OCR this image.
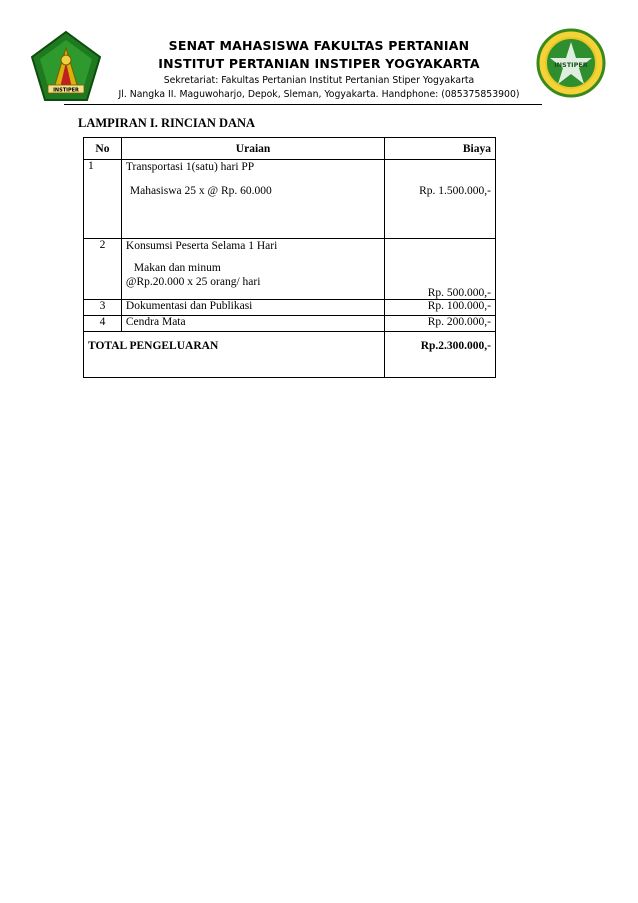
INSTIPER
INSTIPER
SENAT MAHASISWA FAKULTAS PERTANIAN
INSTITUT PERTANIAN INSTIPER YOGYAKARTA
Sekretariat: Fakultas Pertanian Institut Pertanian Stiper Yogyakarta
Jl. Nangka II. Maguwoharjo, Depok, Sleman, Yogyakarta. Handphone: (085375853900)
LAMPIRAN I. RINCIAN DANA
No	Uraian	Biaya
1	Transportasi 1(satu) hari PP
Mahasiswa 25 x @ Rp. 60.000	Rp. 1.500.000,-

2	Konsumsi Peserta Selama 1 Hari
Makan dan minum
@Rp.20.000 x 25 orang/ hari	Rp. 500.000,-
3	Dokumentasi dan Publikasi	Rp. 100.000,-
4	Cendra Mata	Rp. 200.000,-
TOTAL PENGELUARAN		Rp.2.300.000,-
